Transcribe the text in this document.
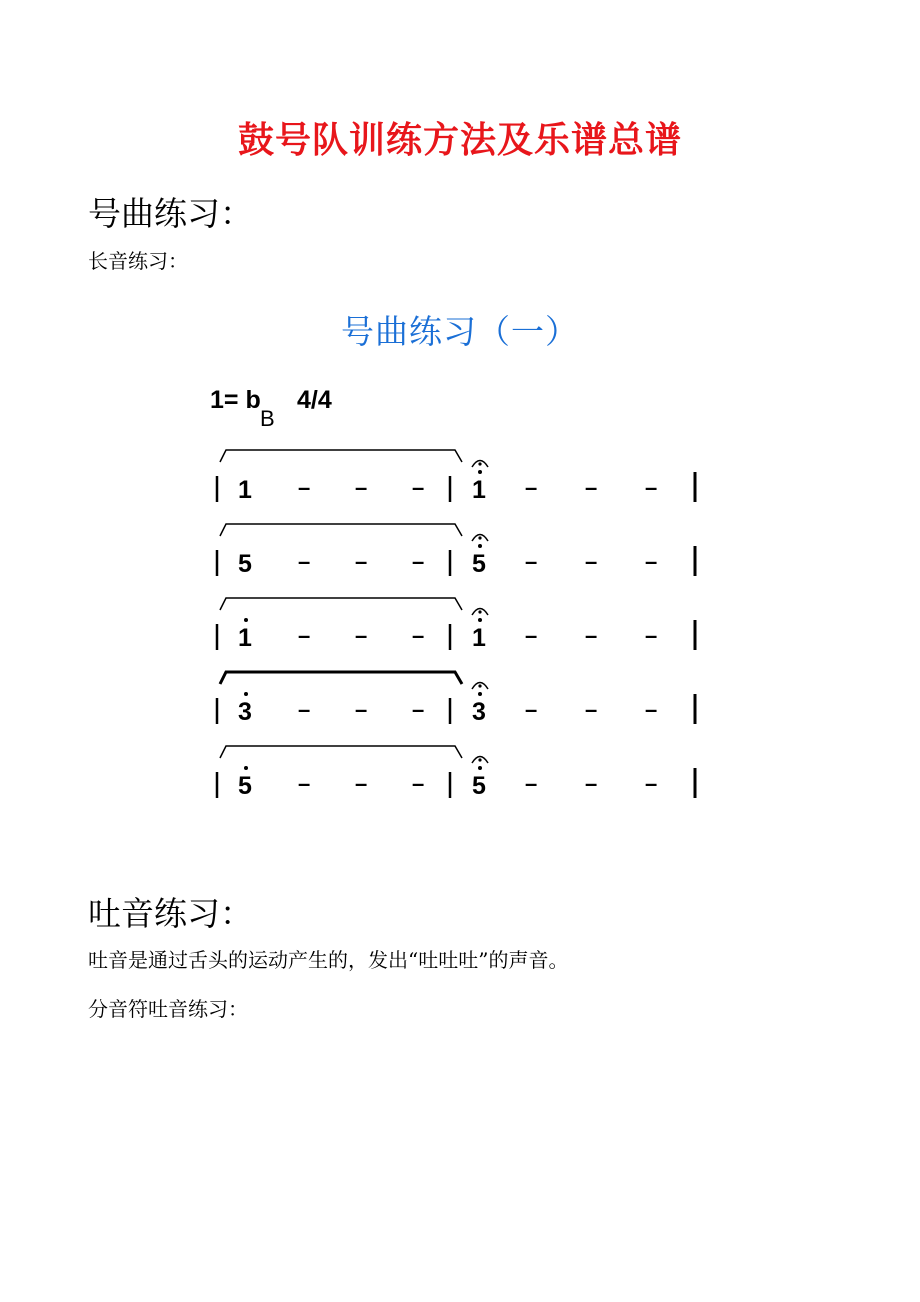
鼓号队训练方法及乐谱总谱
号曲练习：
长音练习：
号曲练习（一）
1= b
B
4/4
1 – – – 1 – – –
5 – – – 5 – – –
1 – – – 1 – – –
3 – – – 3 – – –
5 – – – 5 – – –
吐音练习：
吐音是通过舌头的运动产生的，发出“吐吐吐”的声音。
分音符吐音练习：
